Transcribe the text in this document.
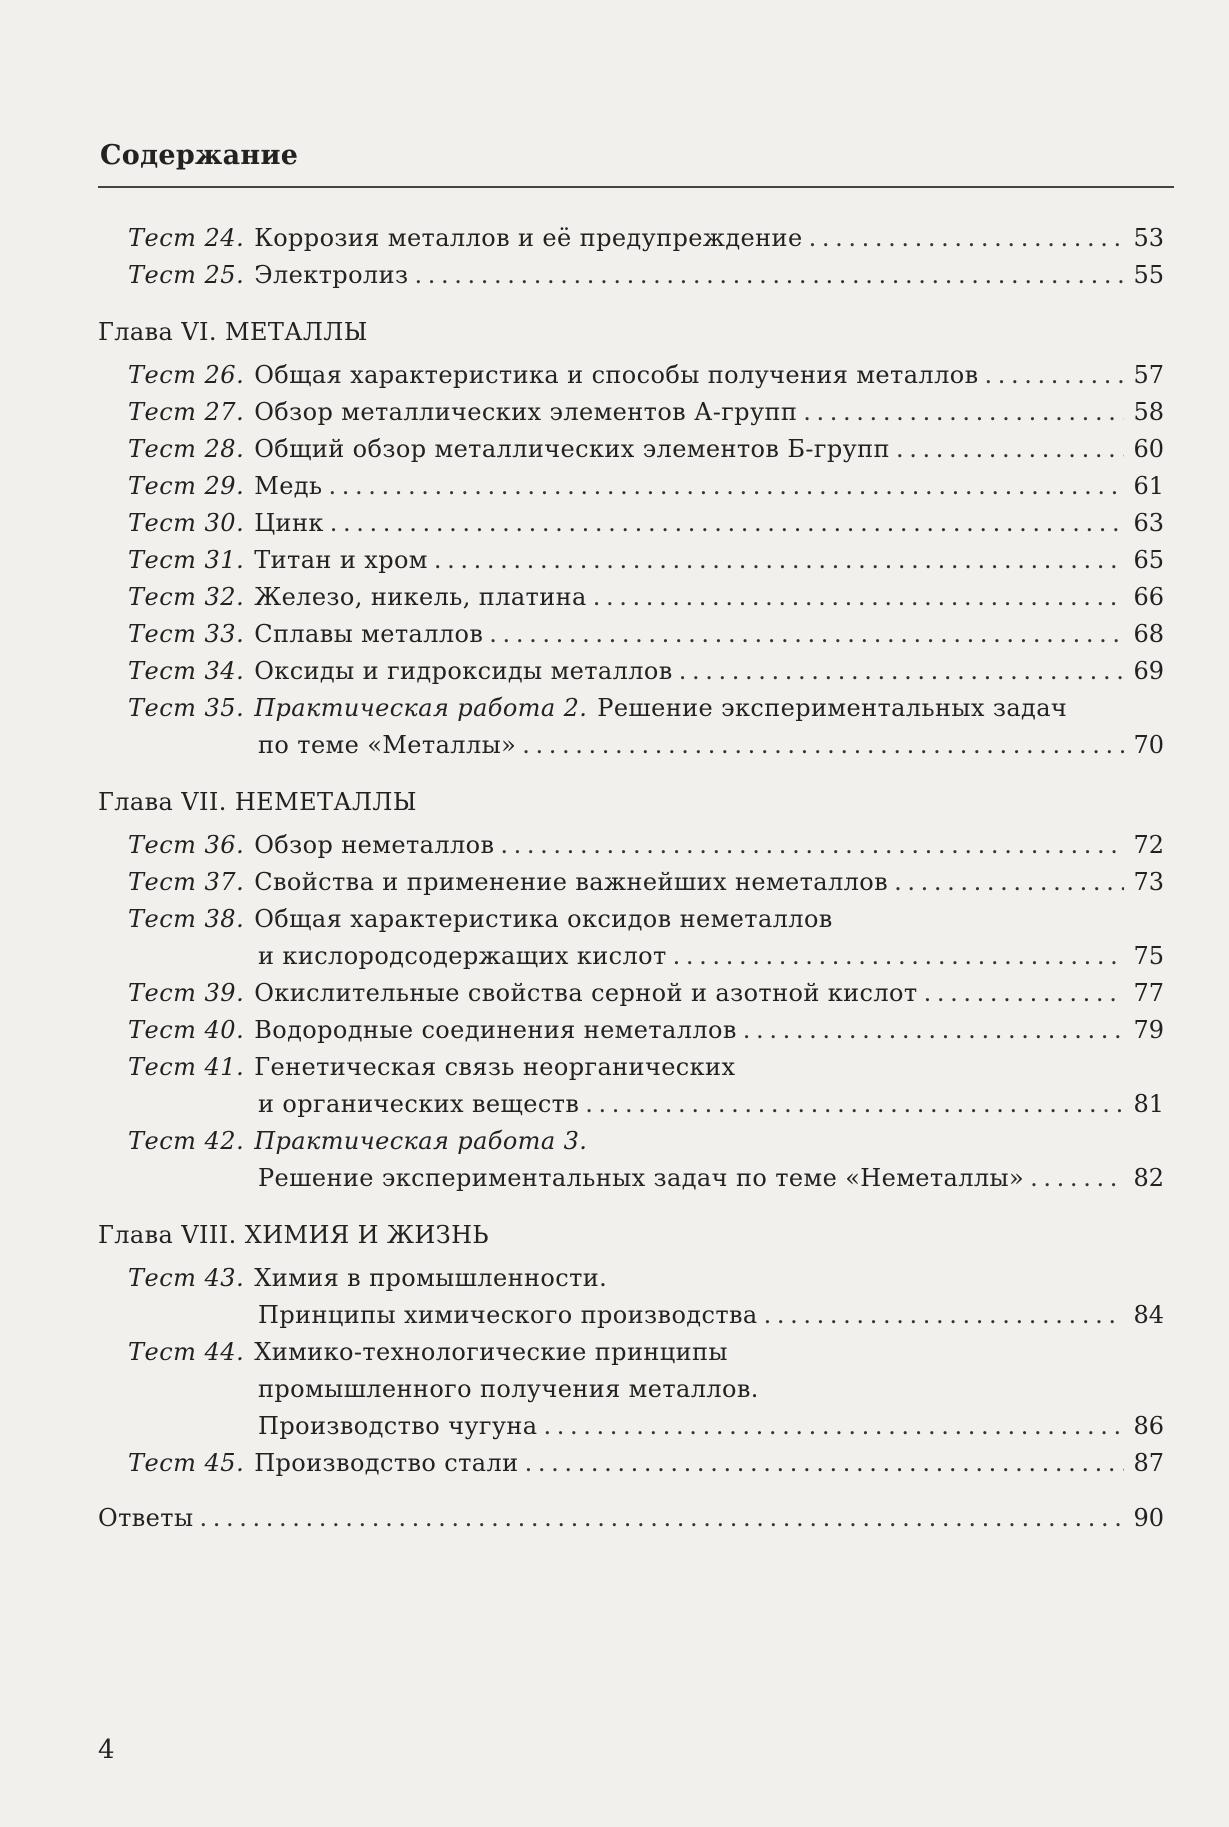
Содержание
Тест 24. Коррозия металлов и её предупреждение . . .	53
Тест 25. Электролиз . . .	55
Глава VI. МЕТАЛЛЫ
Тест 26. Общая характеристика и способы получения металлов . . .	57
Тест 27. Обзор металлических элементов А-групп . . .	58
Тест 28. Общий обзор металлических элементов Б-групп . . .	60
Тест 29. Медь . . .	61
Тест 30. Цинк . . .	63
Тест 31. Титан и хром . . .	65
Тест 32. Железо, никель, платина . . .	66
Тест 33. Сплавы металлов . . .	68
Тест 34. Оксиды и гидроксиды металлов . . .	69
Тест 35. Практическая работа 2. Решение экспериментальных задач
по теме «Металлы» . . .	70
Глава VII. НЕМЕТАЛЛЫ
Тест 36. Обзор неметаллов . . .	72
Тест 37. Свойства и применение важнейших неметаллов . . .	73
Тест 38. Общая характеристика оксидов неметаллов
и кислородсодержащих кислот . . .	75
Тест 39. Окислительные свойства серной и азотной кислот . . .	77
Тест 40. Водородные соединения неметаллов . . .	79
Тест 41. Генетическая связь неорганических
и органических веществ . . .	81
Тест 42. Практическая работа 3.
Решение экспериментальных задач по теме «Неметаллы» . . .	82
Глава VIII. ХИМИЯ И ЖИЗНЬ
Тест 43. Химия в промышленности.
Принципы химического производства . . .	84
Тест 44. Химико-технологические принципы
промышленного получения металлов.
Производство чугуна . . .	86
Тест 45. Производство стали . . .	87
Ответы . . .	90
4
